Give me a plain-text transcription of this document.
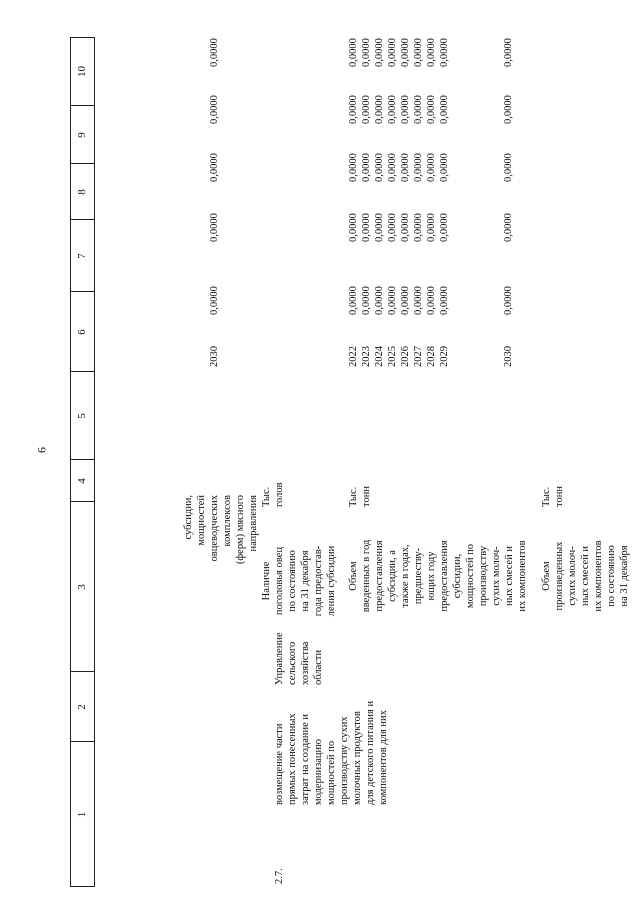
6
1
2
3
4
5
6
7
8
9
10
2.7.
возмещение части
прямых понесенных
затрат на создание и
модернизацию
мощностей по
производству сухих
молочных продуктов
для детского питания и
компонентов для них
Управление
сельского
хозяйства
области
субсидии,
мощностей
овцеводческих
комплексов
(ферм) мясного
направления
Наличие
поголовья овец
по состоянию
на 31 декабря
года предостав-
ления субсидии
Тыс.
голов
2030
0,0000
0,0000
0,0000
0,0000
0,0000
Объем
введенных в год
предоставления
субсидии, а
также в годах,
предшеству-
ющих году
предоставления
субсидии,
мощностей по
производству
сухих молоч-
ных смесей и
их компонентов
Тыс.
тонн
2022
2023
2024
2025
2026
2027
2028
2029
0,0000
0,0000
0,0000
0,0000
0,0000
0,0000
0,0000
0,0000
0,0000
0,0000
0,0000
0,0000
0,0000
0,0000
0,0000
0,0000
0,0000
0,0000
0,0000
0,0000
0,0000
0,0000
0,0000
0,0000
0,0000
0,0000
0,0000
0,0000
0,0000
0,0000
0,0000
0,0000
0,0000
0,0000
0,0000
0,0000
0,0000
0,0000
0,0000
0,0000
Объем
произведенных
сухих молоч-
ных смесей и
их компонентов
по состоянию
на 31 декабря
Тыс.
тонн
2030
0,0000
0,0000
0,0000
0,0000
0,0000
